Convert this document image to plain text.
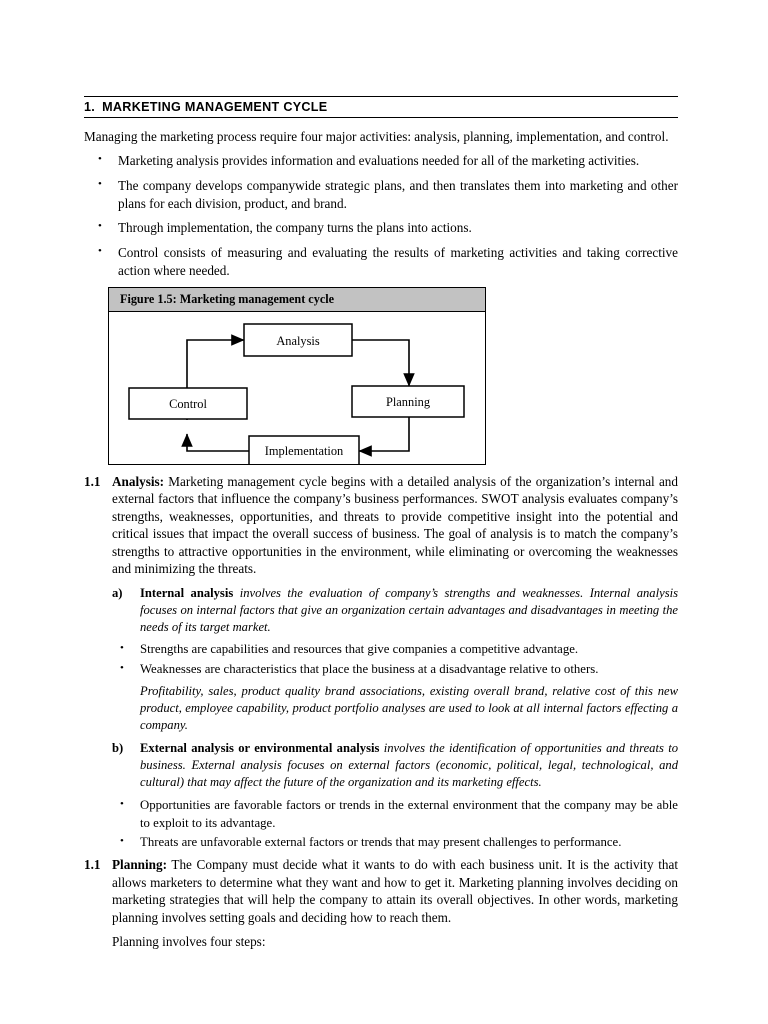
1. MARKETING MANAGEMENT CYCLE

Managing the marketing process require four major activities: analysis, planning, implementation, and control.

• Marketing analysis provides information and evaluations needed for all of the marketing activities.
• The company develops companywide strategic plans, and then translates them into marketing and other plans for each division, product, and brand.
• Through implementation, the company turns the plans into actions.
• Control consists of measuring and evaluating the results of marketing activities and taking corrective action where needed.
Figure 1.5: Marketing management cycle
Analysis
Planning
Implementation
Control
1.1 Analysis: Marketing management cycle begins with a detailed analysis of the organization’s internal and external factors that influence the company’s business performances. SWOT analysis evaluates company’s strengths, weaknesses, opportunities, and threats to provide competitive insight into the potential and critical issues that impact the overall success of business. The goal of analysis is to match the company’s strengths to attractive opportunities in the environment, while eliminating or overcoming the weaknesses and minimizing the threats.
a) Internal analysis involves the evaluation of company’s strengths and weaknesses. Internal analysis focuses on internal factors that give an organization certain advantages and disadvantages in meeting the needs of its target market.
• Strengths are capabilities and resources that give companies a competitive advantage.
• Weaknesses are characteristics that place the business at a disadvantage relative to others.
Profitability, sales, product quality brand associations, existing overall brand, relative cost of this new product, employee capability, product portfolio analyses are used to look at all internal factors effecting a company.
b) External analysis or environmental analysis involves the identification of opportunities and threats to business. External analysis focuses on external factors (economic, political, legal, technological, and cultural) that may affect the future of the organization and its marketing effects.
• Opportunities are favorable factors or trends in the external environment that the company may be able to exploit to its advantage.
• Threats are unfavorable external factors or trends that may present challenges to performance.
1.1 Planning: The Company must decide what it wants to do with each business unit. It is the activity that allows marketers to determine what they want and how to get it. Marketing planning involves deciding on marketing strategies that will help the company to attain its overall objectives. In other words, marketing planning involves setting goals and deciding how to reach them.
Planning involves four steps:
